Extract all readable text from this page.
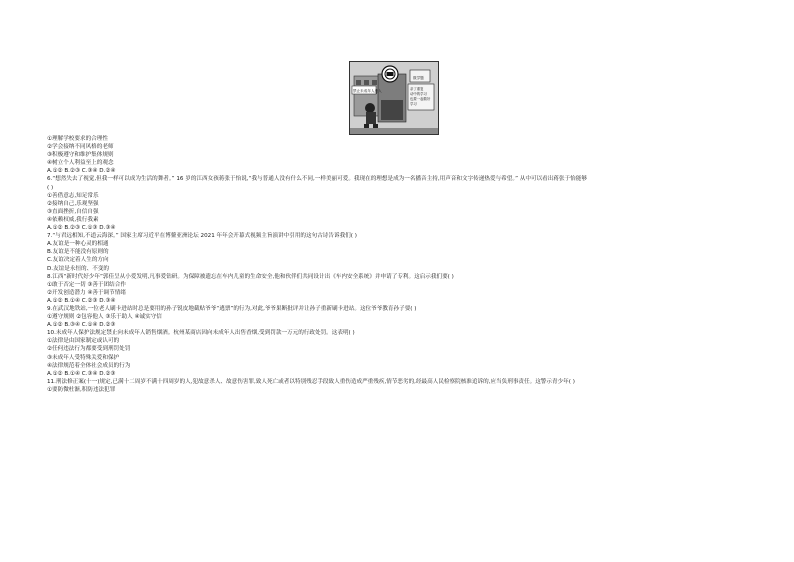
禁止未成年人出入	亲了重复
动中的学习
也要一起做好
学习
数学题
①理解学校要求的合理性
②学会接纳不同风格的老师
③积极遵守和维护集体规则
④树立个人利益至上的观念
A.①② B.②③ C.③④ D.②④
6.“想然失去了视觉,但我一样可以成为生活的舞者。” 16 岁的江西女孩蒋张于怡说,“我与普通人没有什么不同,一样美丽可爱。我现在的理想是成为一名播音主持,用声音和文字传递热爱与希望。” 从中可以看出蒋张于怡能够
( )
①善借意志,知足常乐
②接纳自己,乐观坚强
③直面挫折,自信自强
④依赖权威,我行我素
A.①② B.②③ C.①③ D.③④
7.“与君远相知,不道云海深。” 国家主席习近平在博鳌亚洲论坛 2021 年年会开幕式视频主旨演讲中引用的这句古诗告诉我们( )
A.友谊是一种心灵的相通
B.友谊是不能没有原则的
C.友谊决定着人生的方向
D.友谊是永恒的、不变的
8.江西“新时代好少年”郭佳呈从小爱发明,凡事爱钻研。为保障被遗忘在车内儿童的生命安全,他和伙伴们共同设计出《车内安全系统》并申请了专利。这启示我们要( )
①敢于否定一切 ③善于团结合作
②开发创造潜力 ④善于调节情绪
A.①② B.①④ C.②③ D.③④
9.在武汉地铁站,一位老人刷卡进站时总是要用的孙子锐皮地截贴爷爷“逃票”的行为,对此,爷爷果断批评并让孙子重新刷卡进站。这位爷爷教育孙子要( )
①遵守规则 ②包容他人 ③乐于助人 ④诚实守信
A.①② B.③④ C.①④ D.②③
10.未成年人保护法规定禁止向未成年人销售烟酒。杭州某商店因向未成年人出售香烟,受到罚款一万元的行政处罚。这表明( )
①法律是由国家制定或认可的
②任何违法行为都要受到刑罚处罚
③未成年人受特殊关爱和保护
④法律规范着全体社会成员的行为
A.①② B.①④ C.③④ D.②③
11.刑法修正案(十一)规定,已满十二周岁不满十四周岁的人,犯故意杀人、故意伤害罪,致人死亡或者以特别残忍手段致人重伤造成严重残疾,情节恶劣的,经最高人民检察院核准追诉的,应当负刑事责任。这警示青少年( )
①要防微杜渐,积防违法犯罪
